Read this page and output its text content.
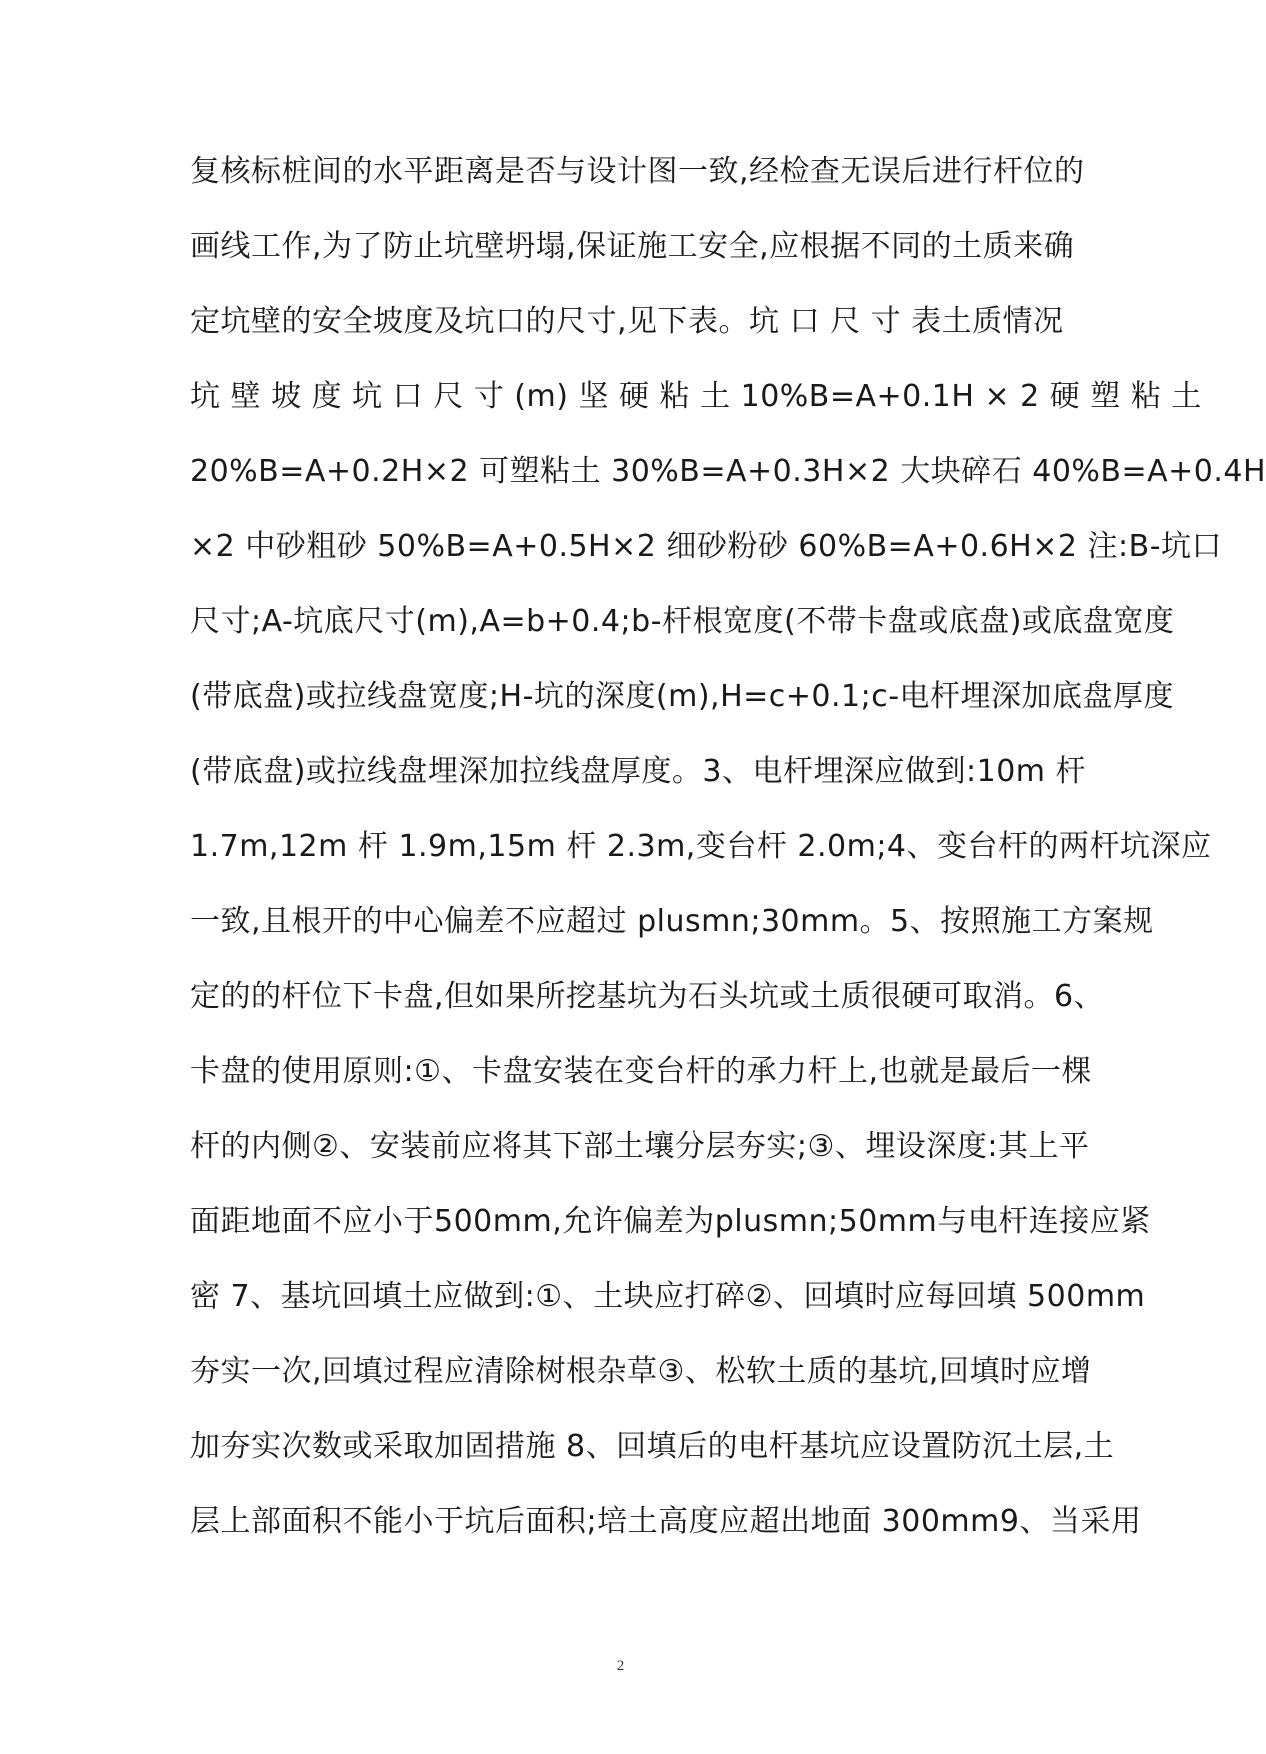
复核标桩间的水平距离是否与设计图一致,经检查无误后进行杆位的
画线工作,为了防止坑壁坍塌,保证施工安全,应根据不同的土质来确
定坑壁的安全坡度及坑口的尺寸,见下表。坑 口 尺 寸 表土质情况
坑 壁 坡 度 坑 口 尺 寸 (m) 坚 硬 粘 土 10%B=A+0.1H × 2 硬 塑 粘 土
20%B=A+0.2H×2 可塑粘土 30%B=A+0.3H×2 大块碎石 40%B=A+0.4H
×2 中砂粗砂 50%B=A+0.5H×2 细砂粉砂 60%B=A+0.6H×2 注:B-坑口
尺寸;A-坑底尺寸(m),A=b+0.4;b-杆根宽度(不带卡盘或底盘)或底盘宽度
(带底盘)或拉线盘宽度;H-坑的深度(m),H=c+0.1;c-电杆埋深加底盘厚度
(带底盘)或拉线盘埋深加拉线盘厚度。3、电杆埋深应做到:10m 杆
1.7m,12m 杆 1.9m,15m 杆 2.3m,变台杆 2.0m;4、变台杆的两杆坑深应
一致,且根开的中心偏差不应超过 plusmn;30mm。5、按照施工方案规
定的的杆位下卡盘,但如果所挖基坑为石头坑或土质很硬可取消。6、
卡盘的使用原则:①、卡盘安装在变台杆的承力杆上,也就是最后一棵
杆的内侧②、安装前应将其下部土壤分层夯实;③、埋设深度:其上平
面距地面不应小于500mm,允许偏差为plusmn;50mm与电杆连接应紧
密 7、基坑回填土应做到:①、土块应打碎②、回填时应每回填 500mm
夯实一次,回填过程应清除树根杂草③、松软土质的基坑,回填时应增
加夯实次数或采取加固措施 8、回填后的电杆基坑应设置防沉土层,土
层上部面积不能小于坑后面积;培土高度应超出地面 300mm9、当采用
2
